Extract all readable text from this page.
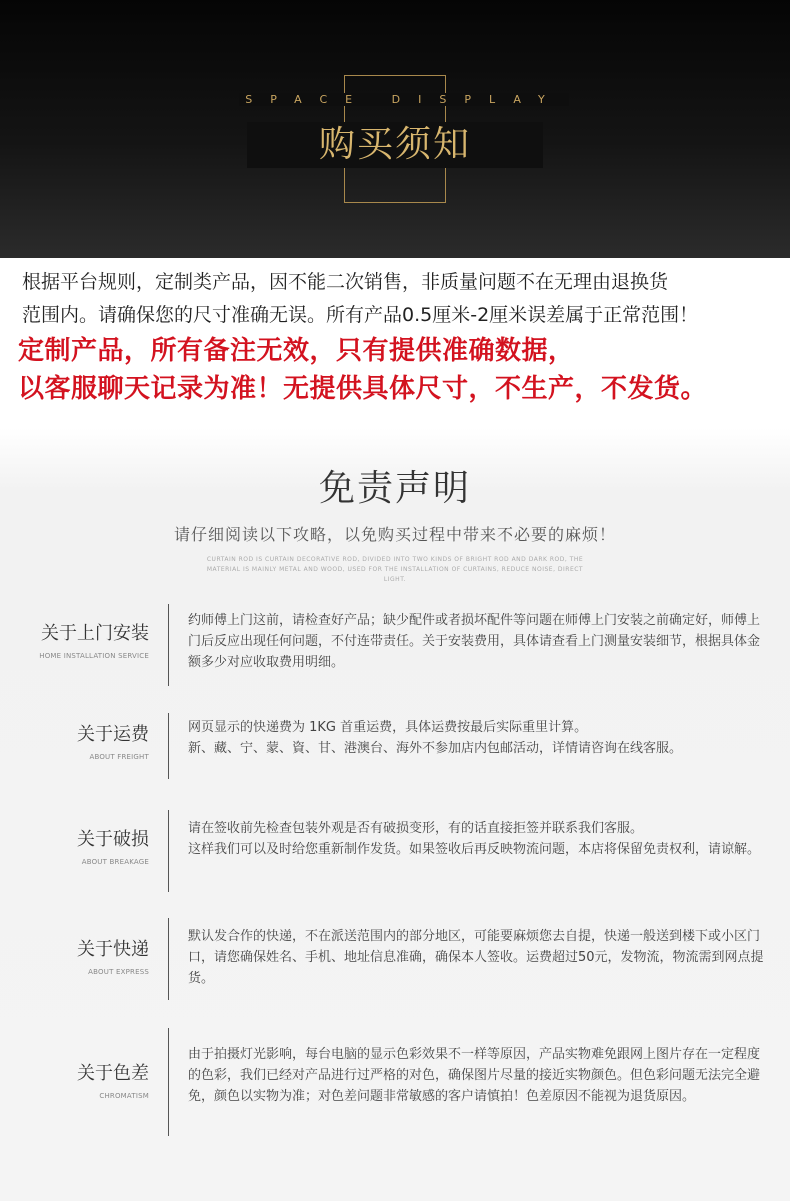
SPACE DISPLAY
购买须知
根据平台规则，定制类产品，因不能二次销售，非质量问题不在无理由退换货
范围内。请确保您的尺寸准确无误。所有产品0.5厘米-2厘米误差属于正常范围！
定制产品，所有备注无效，只有提供准确数据，
以客服聊天记录为准！无提供具体尺寸，不生产，不发货。
免责声明
请仔细阅读以下攻略，以免购买过程中带来不必要的麻烦！
CURTAIN ROD IS CURTAIN DECORATIVE ROD, DIVIDED INTO TWO KINDS OF BRIGHT ROD AND DARK ROD, THE MATERIAL IS MAINLY METAL AND WOOD, USED FOR THE INSTALLATION OF CURTAINS, REDUCE NOISE, DIRECT LIGHT.
关于上门安装
HOME INSTALLATION SERVICE
约师傅上门这前，请检查好产品；缺少配件或者损坏配件等问题在师傅上门安装之前确定好，师傅上门后反应出现任何问题，不付连带责任。关于安装费用，具体请查看上门测量安装细节，根据具体金额多少对应收取费用明细。
关于运费
ABOUT FREIGHT
网页显示的快递费为 1KG 首重运费，具体运费按最后实际重里计算。
新、藏、宁、蒙、資、甘、港澳台、海外不参加店内包邮活动，详情请咨询在线客服。
关于破损
ABOUT BREAKAGE
请在签收前先检查包装外观是否有破损变形，有的话直接拒签并联系我们客服。
这样我们可以及时给您重新制作发货。如果签收后再反映物流问题，本店将保留免责权利，请谅解。
关于快递
ABOUT EXPRESS
默认发合作的快递，不在派送范围内的部分地区，可能要麻烦您去自提，快递一般送到楼下或小区门口，请您确保姓名、手机、地址信息准确，确保本人签收。运费超过50元，发物流，物流需到网点提货。
关于色差
CHROMATISM
由于拍摄灯光影响，每台电脑的显示色彩效果不一样等原因，产品实物难免跟网上图片存在一定程度的色彩，我们已经对产品进行过严格的对色，确保图片尽量的接近实物颜色。但色彩问题无法完全避免，颜色以实物为准；对色差问题非常敏感的客户请慎拍！色差原因不能视为退货原因。
